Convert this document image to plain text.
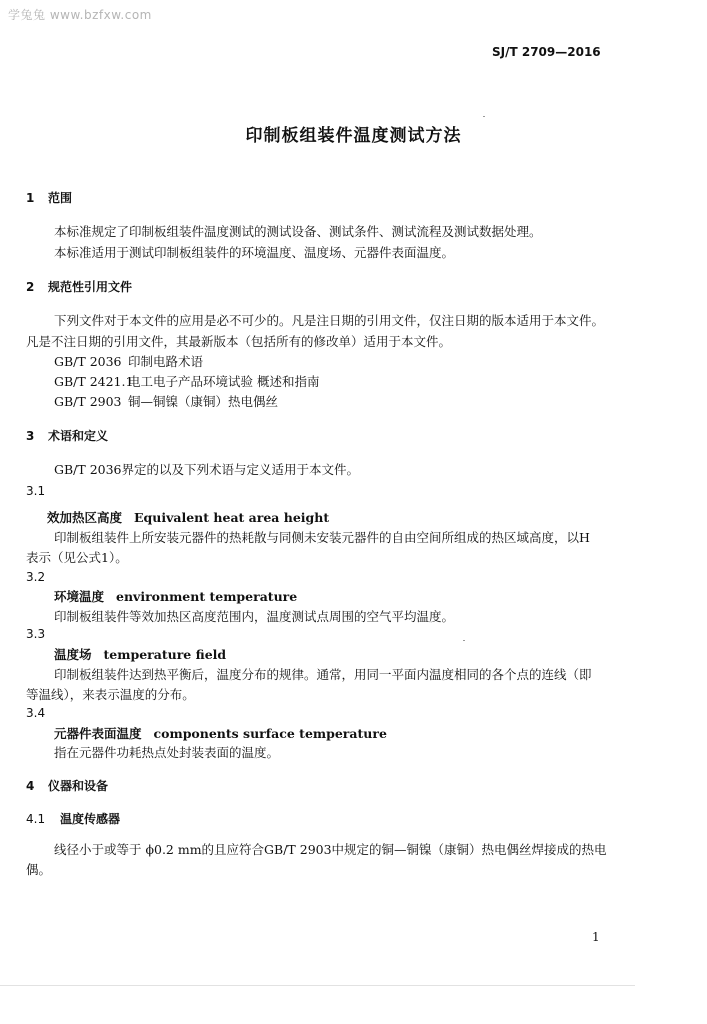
学兔兔 www.bzfxw.com
SJ/T 2709—2016
印制板组装件温度测试方法
1 范围
本标准规定了印制板组装件温度测试的测试设备、测试条件、测试流程及测试数据处理。
本标准适用于测试印制板组装件的环境温度、温度场、元器件表面温度。
2 规范性引用文件
下列文件对于本文件的应用是必不可少的。凡是注日期的引用文件，仅注日期的版本适用于本文件。
凡是不注日期的引用文件，其最新版本（包括所有的修改单）适用于本文件。
GB/T 2036 印制电路术语
GB/T 2421.1电工电子产品环境试验 概述和指南
GB/T 2903 铜—铜镍（康铜）热电偶丝
3 术语和定义
GB/T 2036界定的以及下列术语与定义适用于本文件。
3.1
效加热区高度 Equivalent heat area height
印制板组装件上所安装元器件的热耗散与同侧未安装元器件的自由空间所组成的热区域高度，以H
表示（见公式1）。
3.2
环境温度 environment temperature
印制板组装件等效加热区高度范围内，温度测试点周围的空气平均温度。
3.3
温度场 temperature field
印制板组装件达到热平衡后，温度分布的规律。通常，用同一平面内温度相同的各个点的连线（即
等温线），来表示温度的分布。
3.4
元器件表面温度 components surface temperature
指在元器件功耗热点处封装表面的温度。
4 仪器和设备
4.1 温度传感器
线径小于或等于 ϕ0.2 mm的且应符合GB/T 2903中规定的铜—铜镍（康铜）热电偶丝焊接成的热电
偶。
1
